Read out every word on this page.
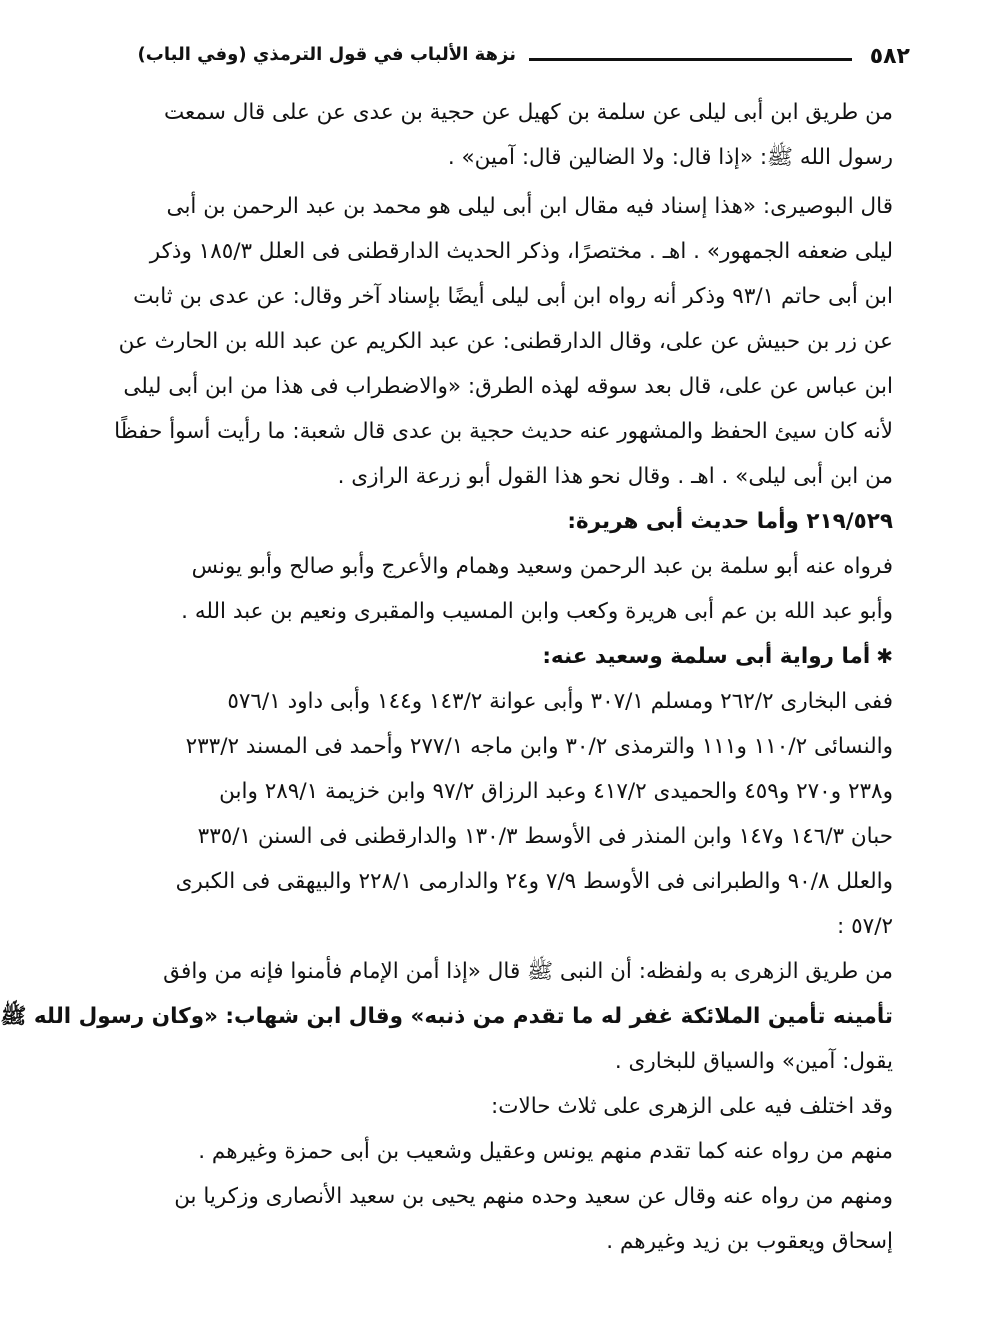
٥٨٢
نزهة الألباب في قول الترمذي (وفي الباب)

من طريق ابن أبى ليلى عن سلمة بن كهيل عن حجية بن عدى عن على قال سمعت

رسول الله ﷺ: «إذا قال: ولا الضالين قال: آمين» .

قال البوصيرى: «هذا إسناد فيه مقال ابن أبى ليلى هو محمد بن عبد الرحمن بن أبى

ليلى ضعفه الجمهور» . اهـ . مختصرًا، وذكر الحديث الدارقطنى فى العلل ١٨٥/٣ وذكر

ابن أبى حاتم ٩٣/١ وذكر أنه رواه ابن أبى ليلى أيضًا بإسناد آخر وقال: عن عدى بن ثابت

عن زر بن حبيش عن على، وقال الدارقطنى: عن عبد الكريم عن عبد الله بن الحارث عن

ابن عباس عن على، قال بعد سوقه لهذه الطرق: «والاضطراب فى هذا من ابن أبى ليلى

لأنه كان سيئ الحفظ والمشهور عنه حديث حجية بن عدى قال شعبة: ما رأيت أسوأ حفظًا

من ابن أبى ليلى» . اهـ . وقال نحو هذا القول أبو زرعة الرازى .

٢١٩/٥٢٩ وأما حديث أبى هريرة:

فرواه عنه أبو سلمة بن عبد الرحمن وسعيد وهمام والأعرج وأبو صالح وأبو يونس

وأبو عبد الله بن عم أبى هريرة وكعب وابن المسيب والمقبرى ونعيم بن عبد الله .

✱أما رواية أبى سلمة وسعيد عنه:

ففى البخارى ٢٦٢/٢ ومسلم ٣٠٧/١ وأبى عوانة ١٤٣/٢ و١٤٤ وأبى داود ٥٧٦/١

والنسائى ١١٠/٢ و١١١ والترمذى ٣٠/٢ وابن ماجه ٢٧٧/١ وأحمد فى المسند ٢٣٣/٢

و٢٣٨ و٢٧٠ و٤٥٩ والحميدى ٤١٧/٢ وعبد الرزاق ٩٧/٢ وابن خزيمة ٢٨٩/١ وابن

حبان ١٤٦/٣ و١٤٧ وابن المنذر فى الأوسط ١٣٠/٣ والدارقطنى فى السنن ٣٣٥/١

والعلل ٩٠/٨ والطبرانى فى الأوسط ٧/٩ و٢٤ والدارمى ٢٢٨/١ والبيهقى فى الكبرى

٥٧/٢ :

من طريق الزهرى به ولفظه: أن النبى ﷺ قال «إذا أمن الإمام فأمنوا فإنه من وافق

تأمينه تأمين الملائكة غفر له ما تقدم من ذنبه» وقال ابن شهاب: «وكان رسول الله ﷺ

يقول: آمين» والسياق للبخارى .

وقد اختلف فيه على الزهرى على ثلاث حالات:

منهم من رواه عنه كما تقدم منهم يونس وعقيل وشعيب بن أبى حمزة وغيرهم .

ومنهم من رواه عنه وقال عن سعيد وحده منهم يحيى بن سعيد الأنصارى وزكريا بن

إسحاق ويعقوب بن زيد وغيرهم .
